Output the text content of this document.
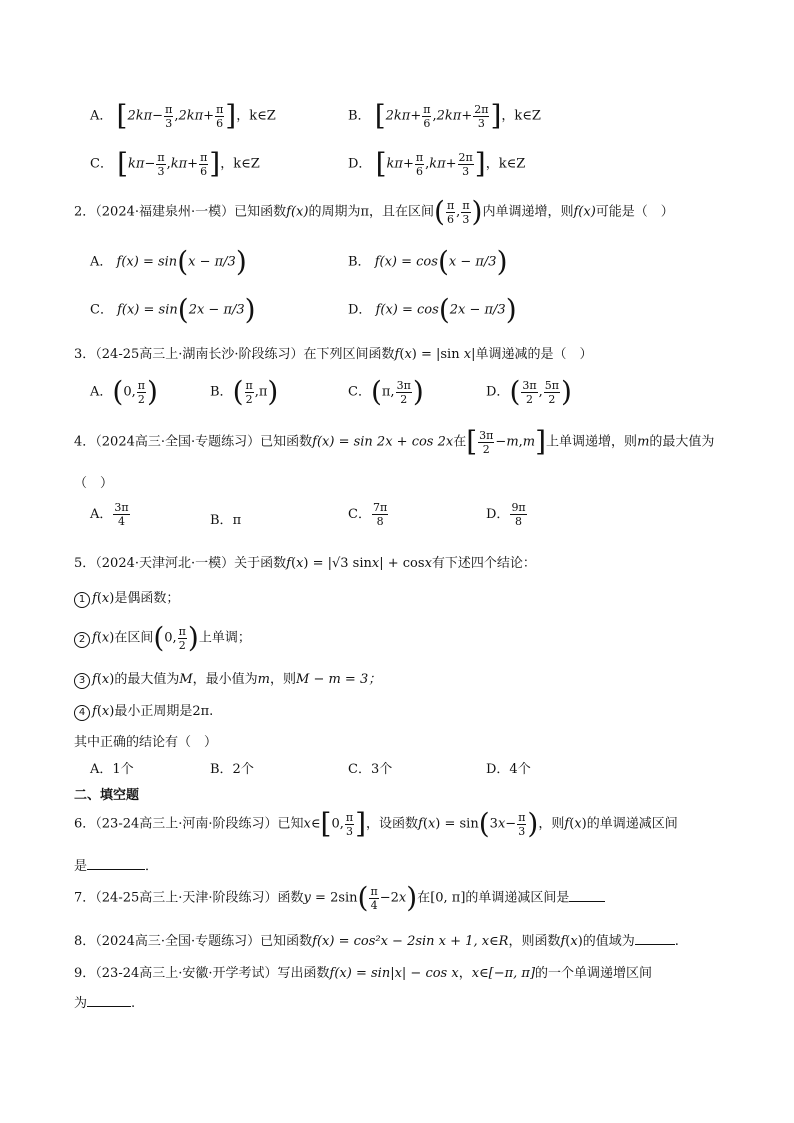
A． [$2k\pi- \frac{\pi}{3} ,2k\pi+ \frac{\pi}{6}$ ]，k∈Z	B． [$2k\pi+ \frac{\pi}{6} ,2k\pi+ \frac{2\pi}{3}$ ]，k∈Z
C． [$k\pi- \frac{\pi}{3} ,k\pi+ \frac{\pi}{6}$ ]，k∈Z	D． [$k\pi+ \frac{\pi}{6} ,k\pi+ \frac{2\pi}{3}$ ]，k∈Z
2．（2024·福建泉州·一模）已知函数f(x)的周期为π，且在区间( $\frac{\pi}{6}$ , $\frac{\pi}{3}$ )内单调递增，则f(x)可能是（　）
A． f(x) = sin(x − π/3)	B． f(x) = cos(x − π/3)
C． f(x) = sin(2x − π/3)	D． f(x) = cos(2x − π/3)
3．（24-25高三上·湖南长沙·阶段练习）在下列区间函数f(x) = |sin x|单调递减的是（　）
A．(0, $\frac{\pi}{2}$ )	B．( $\frac{\pi}{2} ,\pi$)	C．(π, $\frac{3\pi}{2}$ )	D．( $\frac{3\pi}{2}$ , $\frac{5\pi}{2}$ )
4．（2024高三·全国·专题练习）已知函数f(x) = sin 2x + cos 2x在[ $\frac{3\pi}{2} -m,m$]上单调递增，则m的最大值为
（　）
A． $\frac{3\pi}{4}$	B．π	C． $\frac{7\pi}{8}$	D． $\frac{9\pi}{8}$
5．（2024·天津河北·一模）关于函数f(x) = |√3 sinx| + cosx有下述四个结论：
1 f(x)是偶函数；
2 f(x)在区间(0, $\frac{\pi}{2}$ )上单调；
3 f(x)的最大值为M，最小值为m，则M − m = 3；
4 f(x)最小正周期是2π.
其中正确的结论有（　）
A．1个	B．2个	C．3个	D．4个
二、填空题
6．（23-24高三上·河南·阶段练习）已知x∈[0, $\frac{\pi}{3}$ ]，设函数$f(x) = \sin(3x- \frac{\pi}{3}$ )，则f(x)的单调递减区间
是	．
7．（24-25高三上·天津·阶段练习）函数$y = 2\sin( \frac{\pi}{4} -2x)$在[0, π]的单调递减区间是
8．（2024高三·全国·专题练习）已知函数f(x) = cos²x − 2sin x + 1, x∈R，则函数f(x)的值域为	.
9．（23-24高三上·安徽·开学考试）写出函数f(x) = sin|x| − cos x，x∈[−π, π]的一个单调递增区间
为	.
